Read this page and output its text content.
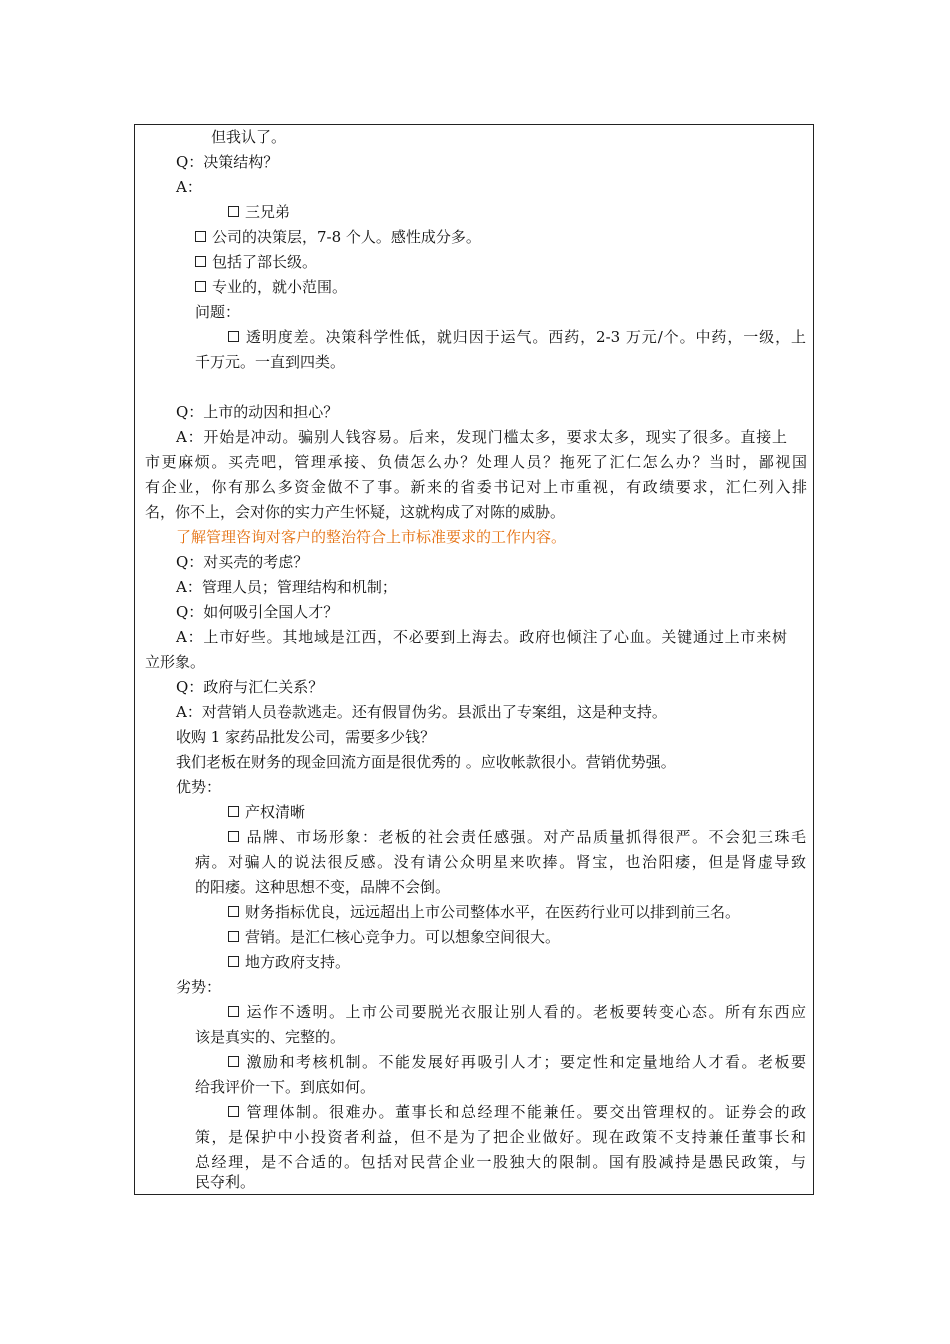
但我认了。
Q：决策结构？
A：
三兄弟
公司的决策层，7-8 个人。感性成分多。
包括了部长级。
专业的，就小范围。
问题：
透明度差。决策科学性低，就归因于运气。西药，2-3 万元/个。中药，一级，上
千万元。一直到四类。
Q：上市的动因和担心？
A：开始是冲动。骗别人钱容易。后来，发现门槛太多，要求太多，现实了很多。直接上
市更麻烦。买壳吧，管理承接、负债怎么办？处理人员？拖死了汇仁怎么办？当时，鄙视国
有企业，你有那么多资金做不了事。新来的省委书记对上市重视，有政绩要求，汇仁列入排
名，你不上，会对你的实力产生怀疑，这就构成了对陈的威胁。
了解管理咨询对客户的整治符合上市标准要求的工作内容。
Q：对买壳的考虑？
A：管理人员；管理结构和机制；
Q：如何吸引全国人才？
A：上市好些。其地域是江西，不必要到上海去。政府也倾注了心血。关键通过上市来树
立形象。
Q：政府与汇仁关系？
A：对营销人员卷款逃走。还有假冒伪劣。县派出了专案组，这是种支持。
收购 1 家药品批发公司，需要多少钱？
我们老板在财务的现金回流方面是很优秀的 。应收帐款很小。营销优势强。
优势：
产权清晰
品牌、市场形象：老板的社会责任感强。对产品质量抓得很严。不会犯三珠毛
病。对骗人的说法很反感。没有请公众明星来吹捧。肾宝，也治阳痿，但是肾虚导致
的阳痿。这种思想不变，品牌不会倒。
财务指标优良，远远超出上市公司整体水平，在医药行业可以排到前三名。
营销。是汇仁核心竞争力。可以想象空间很大。
地方政府支持。
劣势：
运作不透明。上市公司要脱光衣服让别人看的。老板要转变心态。所有东西应
该是真实的、完整的。
激励和考核机制。不能发展好再吸引人才；要定性和定量地给人才看。老板要
给我评价一下。到底如何。
管理体制。很难办。董事长和总经理不能兼任。要交出管理权的。证券会的政
策，是保护中小投资者利益，但不是为了把企业做好。现在政策不支持兼任董事长和
总经理，是不合适的。包括对民营企业一股独大的限制。国有股减持是愚民政策，与
民夺利。
